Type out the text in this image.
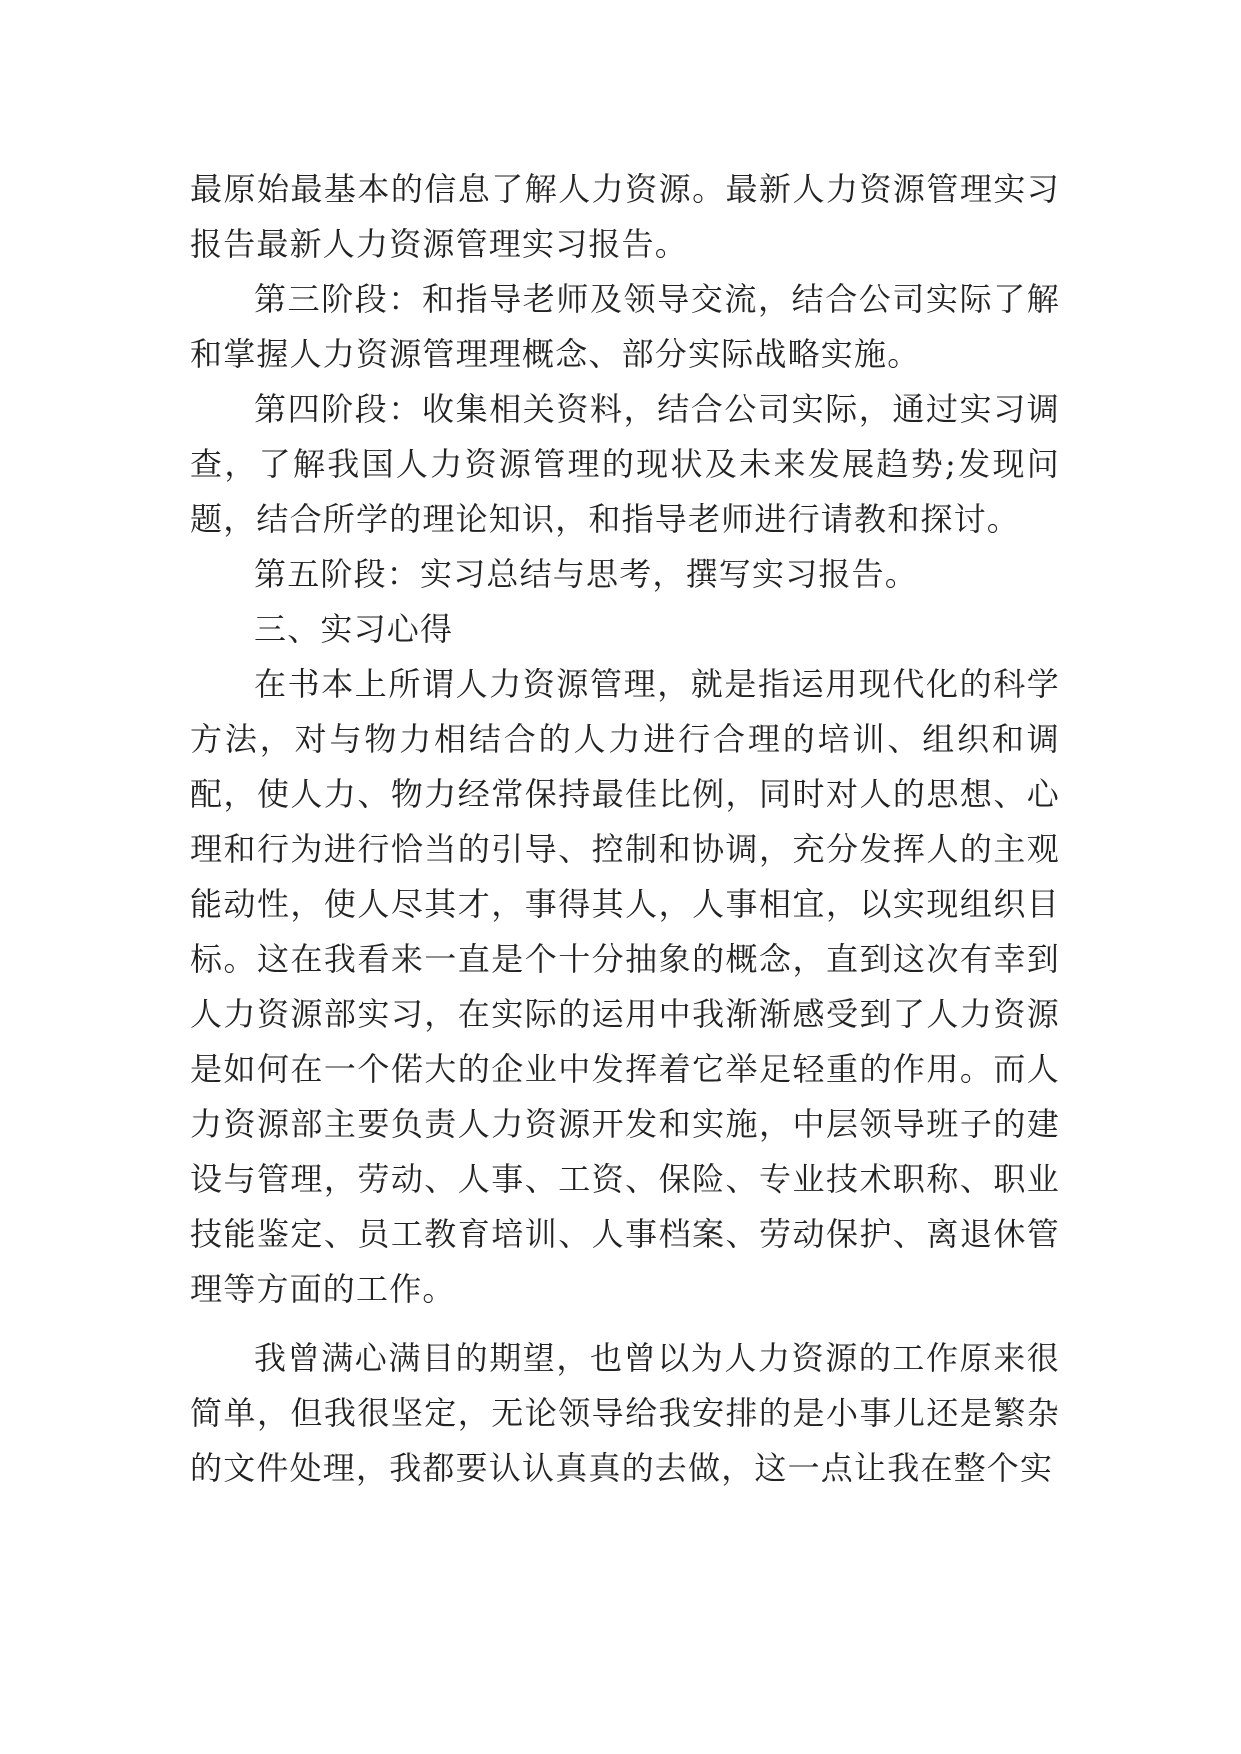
最原始最基本的信息了解人力资源。最新人力资源管理实习报告最新人力资源管理实习报告。

第三阶段：和指导老师及领导交流，结合公司实际了解和掌握人力资源管理理概念、部分实际战略实施。

第四阶段：收集相关资料，结合公司实际，通过实习调查，了解我国人力资源管理的现状及未来发展趋势;发现问题，结合所学的理论知识，和指导老师进行请教和探讨。

第五阶段：实习总结与思考，撰写实习报告。

三、实习心得

在书本上所谓人力资源管理，就是指运用现代化的科学方法，对与物力相结合的人力进行合理的培训、组织和调配，使人力、物力经常保持最佳比例，同时对人的思想、心理和行为进行恰当的引导、控制和协调，充分发挥人的主观能动性，使人尽其才，事得其人，人事相宜，以实现组织目标。这在我看来一直是个十分抽象的概念，直到这次有幸到人力资源部实习，在实际的运用中我渐渐感受到了人力资源是如何在一个偌大的企业中发挥着它举足轻重的作用。而人力资源部主要负责人力资源开发和实施，中层领导班子的建设与管理，劳动、人事、工资、保险、专业技术职称、职业技能鉴定、员工教育培训、人事档案、劳动保护、离退休管理等方面的工作。

我曾满心满目的期望，也曾以为人力资源的工作原来很简单，但我很坚定，无论领导给我安排的是小事儿还是繁杂的文件处理，我都要认认真真的去做，这一点让我在整个实
